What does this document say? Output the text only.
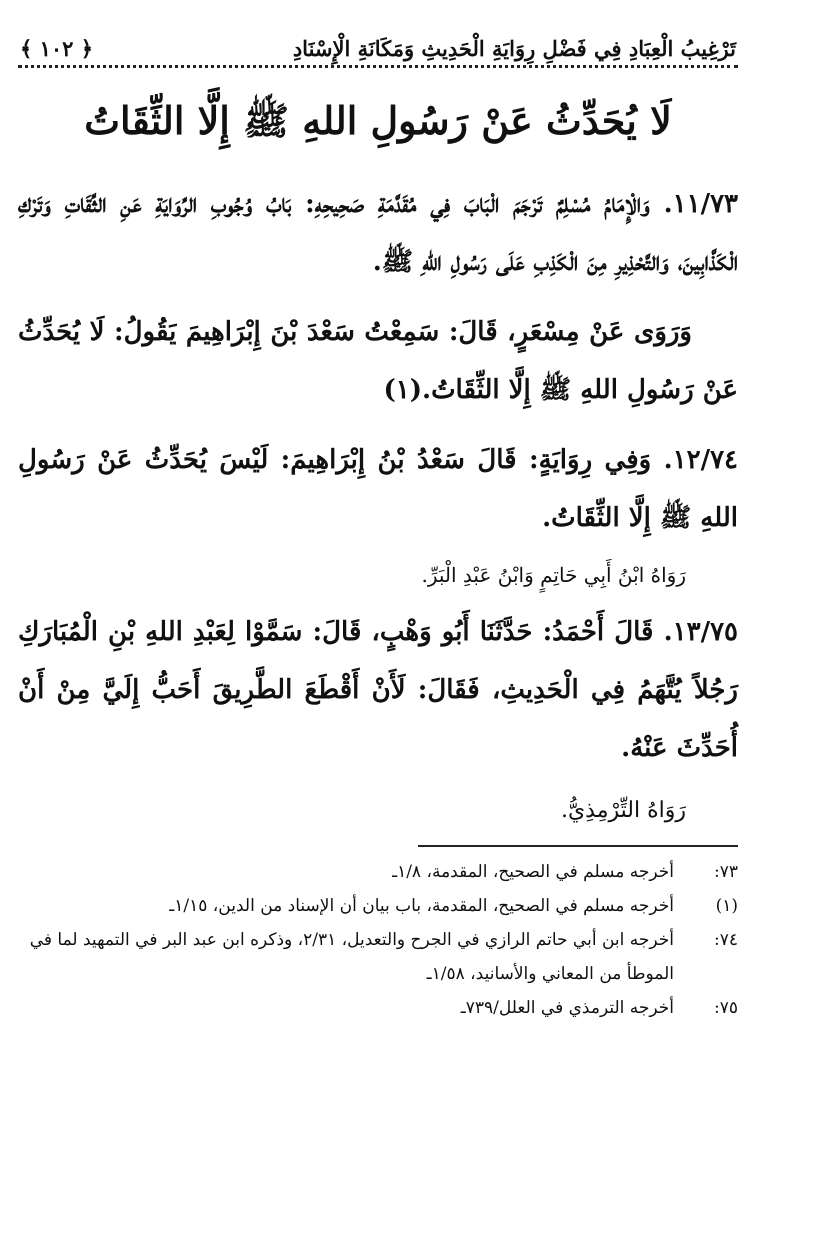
تَرْغِيبُ الْعِبَادِ فِي فَضْلِ رِوَايَةِ الْحَدِيثِ وَمَكَانَةِ الْإِسْنَادِ
﴿ ١٠٢ ﴾
لَا يُحَدِّثُ عَنْ رَسُولِ اللهِ ﷺ إِلَّا الثِّقَاتُ

١١/٧٣. وَالْإِمَامُ مُسْلِمٌ تَرْجَمَ الْبَابَ فِي مُقَدَّمَةِ صَحِيحِهِ: بَابُ وُجُوبِ الرِّوَايَةِ عَنِ الثِّقَاتِ وَتَرْكِ الْكَذَّابِينَ، وَالتَّحْذِيرِ مِنَ الْكَذِبِ عَلَى رَسُولِ اللهِ ﷺ.

وَرَوَى عَنْ مِسْعَرٍ، قَالَ: سَمِعْتُ سَعْدَ بْنَ إِبْرَاهِيمَ يَقُولُ: لَا يُحَدِّثُ عَنْ رَسُولِ اللهِ ﷺ إِلَّا الثِّقَاتُ.(١)

١٢/٧٤. وَفِي رِوَايَةٍ: قَالَ سَعْدُ بْنُ إِبْرَاهِيمَ: لَيْسَ يُحَدِّثُ عَنْ رَسُولِ اللهِ ﷺ إِلَّا الثِّقَاتُ.

رَوَاهُ ابْنُ أَبِي حَاتِمٍ وَابْنُ عَبْدِ الْبَرِّ.

١٣/٧٥. قَالَ أَحْمَدُ: حَدَّثَنَا أَبُو وَهْبٍ، قَالَ: سَمَّوْا لِعَبْدِ اللهِ بْنِ الْمُبَارَكِ رَجُلاً يُتَّهَمُ فِي الْحَدِيثِ، فَقَالَ: لَأَنْ أَقْطَعَ الطَّرِيقَ أَحَبُّ إِلَيَّ مِنْ أَنْ أُحَدِّثَ عَنْهُ.

رَوَاهُ التِّرْمِذِيُّ.
٧٣:
أخرجه مسلم في الصحيح، المقدمة، ١/٨ـ
(١)
أخرجه مسلم في الصحيح، المقدمة، باب بيان أن الإسناد من الدين، ١/١٥ـ
٧٤:
أخرجه ابن أبي حاتم الرازي في الجرح والتعديل، ٢/٣١، وذكره ابن عبد البر في التمهيد لما في الموطأ من المعاني والأسانيد، ١/٥٨ـ
٧٥:
أخرجه الترمذي في العلل/٧٣٩ـ
